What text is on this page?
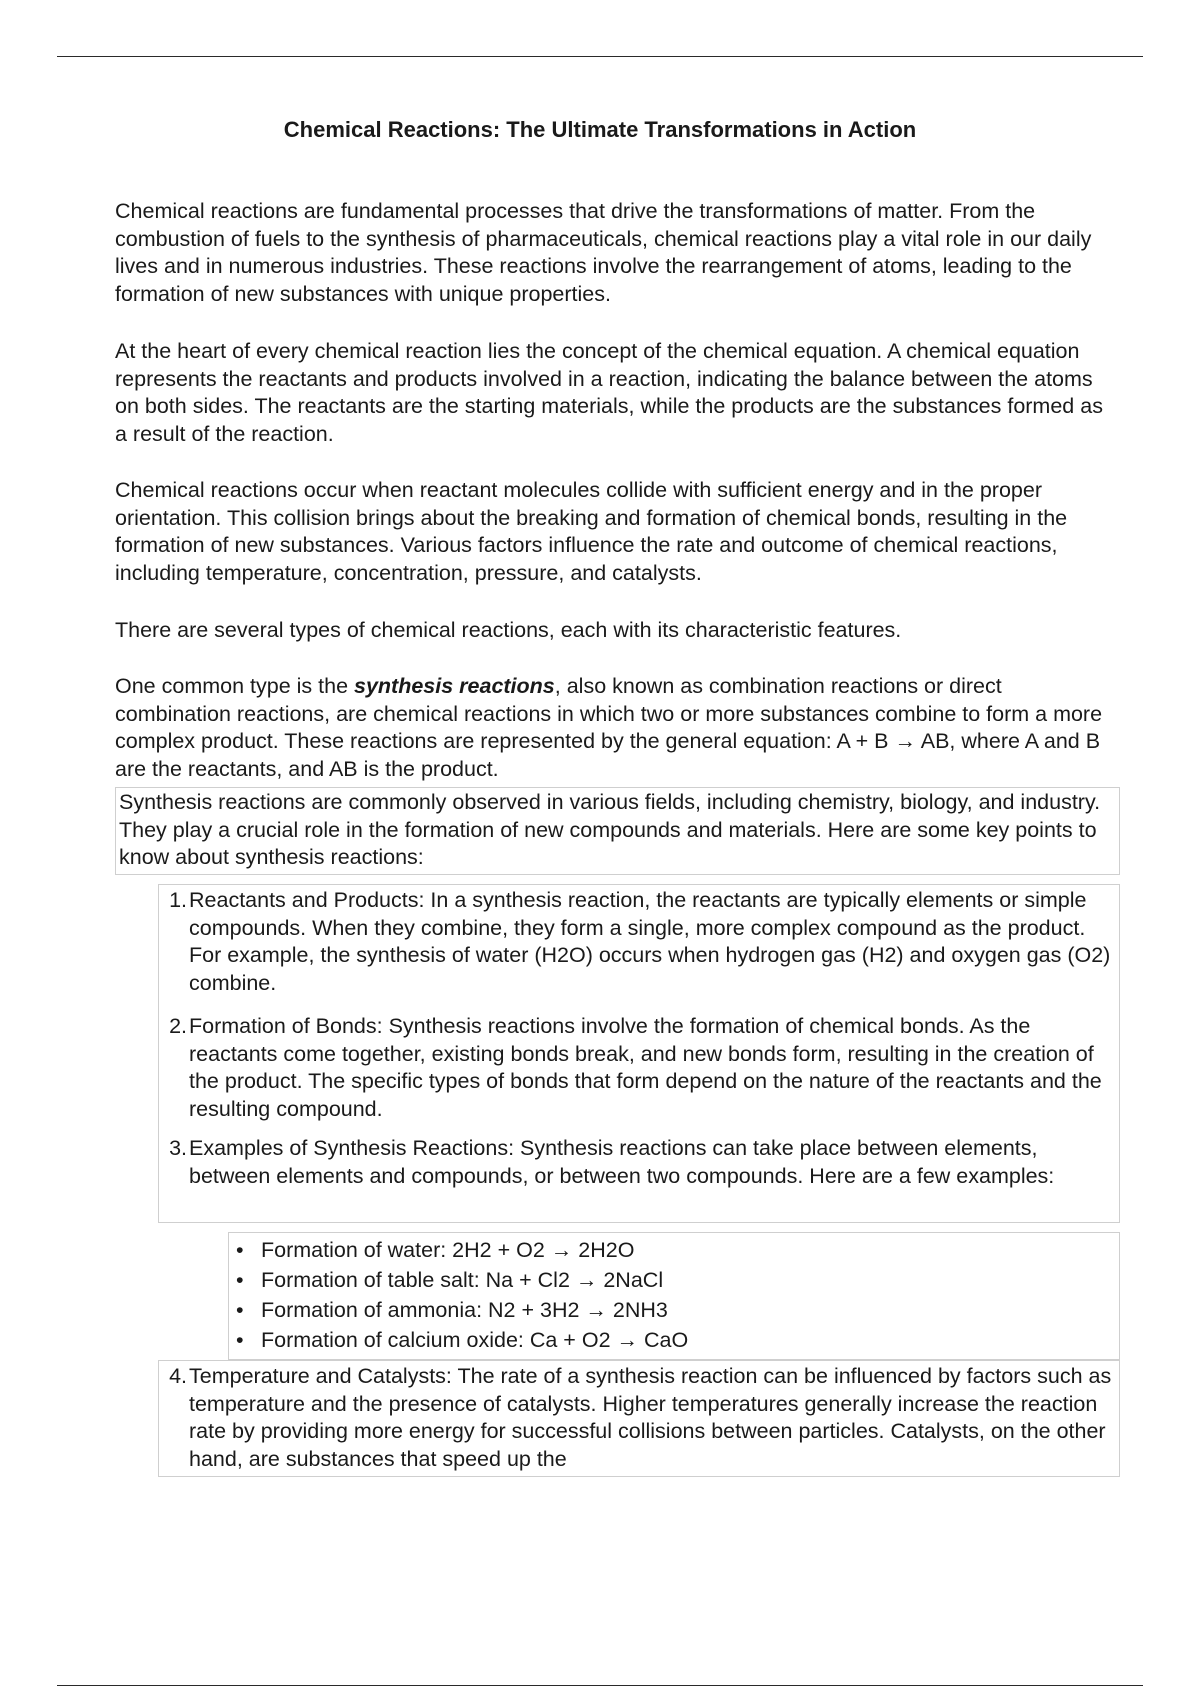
Chemical Reactions: The Ultimate Transformations in Action

Chemical reactions are fundamental processes that drive the transformations of matter. From the combustion of fuels to the synthesis of pharmaceuticals, chemical reactions play a vital role in our daily lives and in numerous industries. These reactions involve the rearrangement of atoms, leading to the formation of new substances with unique properties.

At the heart of every chemical reaction lies the concept of the chemical equation. A chemical equation represents the reactants and products involved in a reaction, indicating the balance between the atoms on both sides. The reactants are the starting materials, while the products are the substances formed as a result of the reaction.

Chemical reactions occur when reactant molecules collide with sufficient energy and in the proper orientation. This collision brings about the breaking and formation of chemical bonds, resulting in the formation of new substances. Various factors influence the rate and outcome of chemical reactions, including temperature, concentration, pressure, and catalysts.

There are several types of chemical reactions, each with its characteristic features.

One common type is the synthesis reactions, also known as combination reactions or direct combination reactions, are chemical reactions in which two or more substances combine to form a more complex product. These reactions are represented by the general equation: A + B → AB, where A and B are the reactants, and AB is the product.

Synthesis reactions are commonly observed in various fields, including chemistry, biology, and industry. They play a crucial role in the formation of new compounds and materials. Here are some key points to know about synthesis reactions:
1. Reactants and Products: In a synthesis reaction, the reactants are typically elements or simple compounds. When they combine, they form a single, more complex compound as the product. For example, the synthesis of water (H2O) occurs when hydrogen gas (H2) and oxygen gas (O2) combine.
2. Formation of Bonds: Synthesis reactions involve the formation of chemical bonds. As the reactants come together, existing bonds break, and new bonds form, resulting in the creation of the product. The specific types of bonds that form depend on the nature of the reactants and the resulting compound.
3. Examples of Synthesis Reactions: Synthesis reactions can take place between elements, between elements and compounds, or between two compounds. Here are a few examples:
• Formation of water: 2H2 + O2 → 2H2O
• Formation of table salt: Na + Cl2 → 2NaCl
• Formation of ammonia: N2 + 3H2 → 2NH3
• Formation of calcium oxide: Ca + O2 → CaO
4. Temperature and Catalysts: The rate of a synthesis reaction can be influenced by factors such as temperature and the presence of catalysts. Higher temperatures generally increase the reaction rate by providing more energy for successful collisions between particles. Catalysts, on the other hand, are substances that speed up the
